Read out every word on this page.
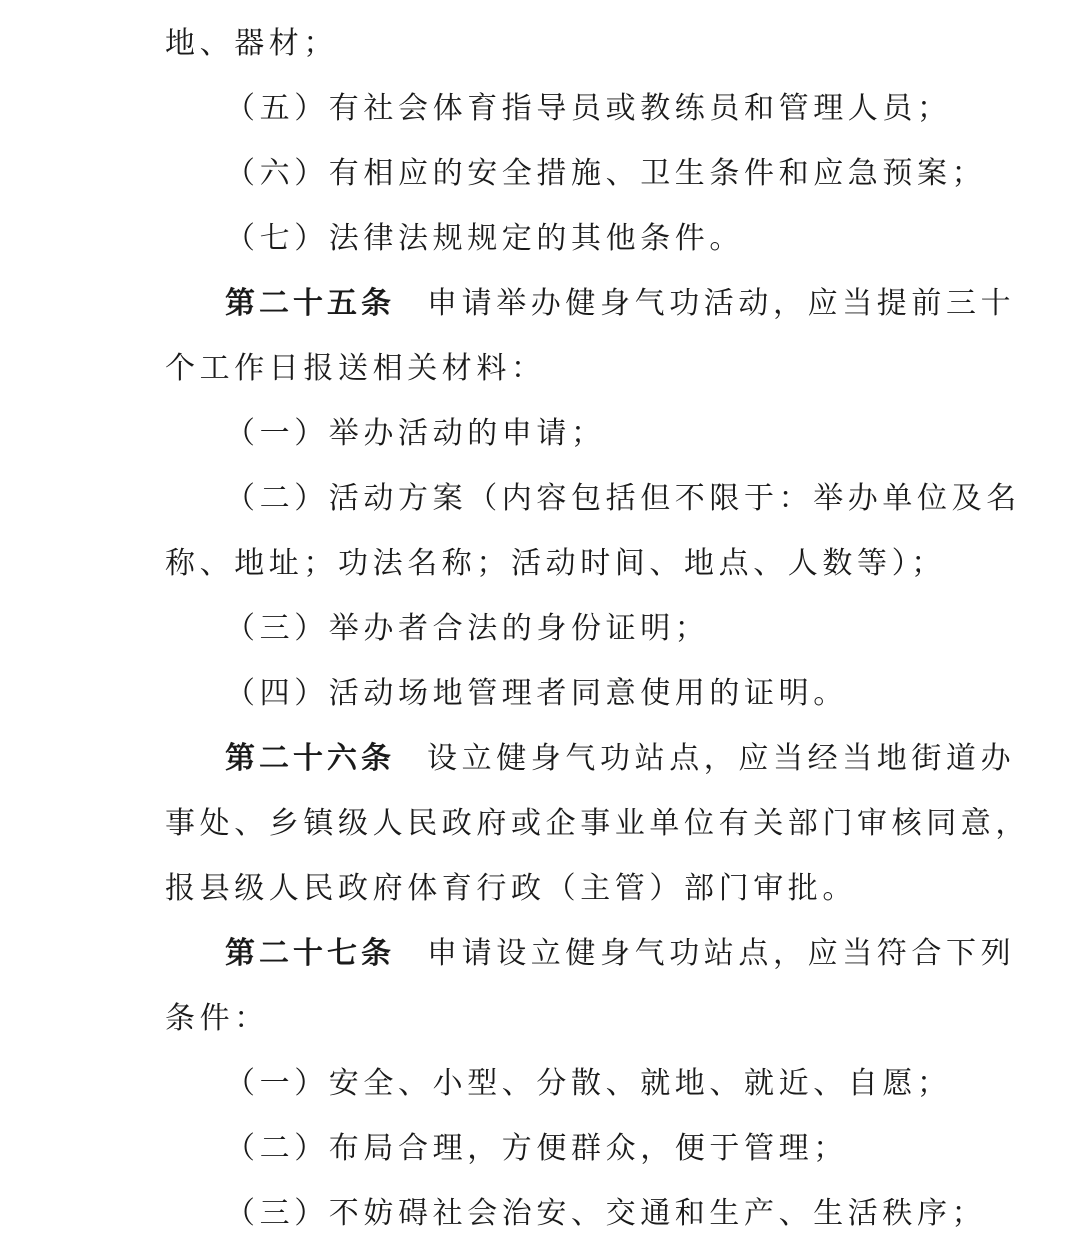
地、器材；
（五）有社会体育指导员或教练员和管理人员；
（六）有相应的安全措施、卫生条件和应急预案；
（七）法律法规规定的其他条件。
第二十五条 申请举办健身气功活动，应当提前三十
个工作日报送相关材料：
（一）举办活动的申请；
（二）活动方案（内容包括但不限于：举办单位及名
称、地址；功法名称；活动时间、地点、人数等）；
（三）举办者合法的身份证明；
（四）活动场地管理者同意使用的证明。
第二十六条 设立健身气功站点，应当经当地街道办
事处、乡镇级人民政府或企事业单位有关部门审核同意，
报县级人民政府体育行政（主管）部门审批。
第二十七条 申请设立健身气功站点，应当符合下列
条件：
（一）安全、小型、分散、就地、就近、自愿；
（二）布局合理，方便群众，便于管理；
（三）不妨碍社会治安、交通和生产、生活秩序；
